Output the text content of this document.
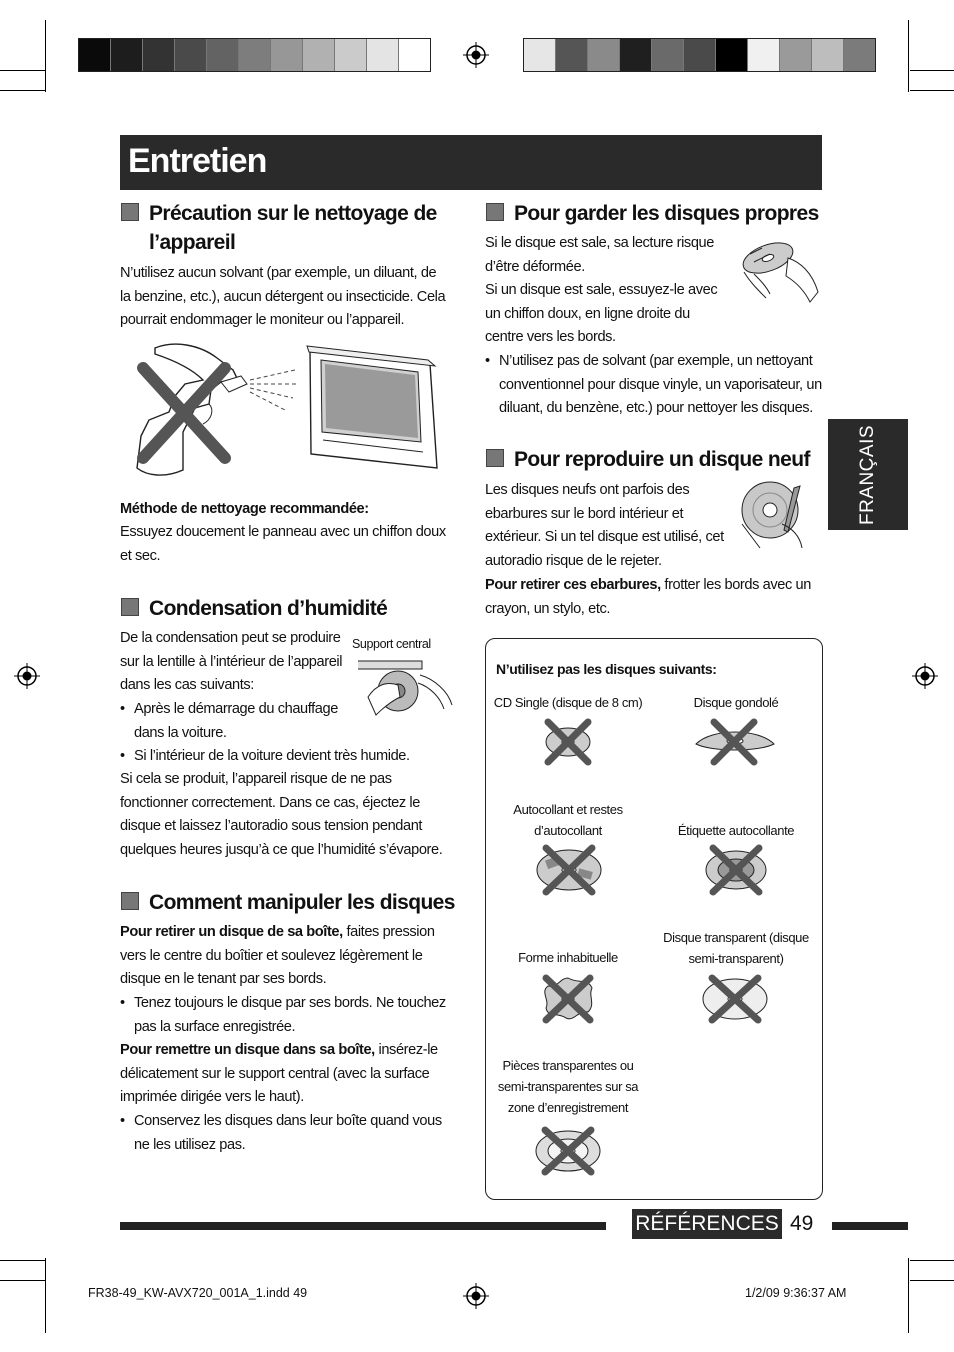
Entretien
FRANÇAIS
Précaution sur le nettoyage de
l’appareil
N’utilisez aucun solvant (par exemple, un diluant, de la benzine, etc.), aucun détergent ou insecticide. Cela pourrait endommager le moniteur ou l’appareil.
Méthode de nettoyage recommandée:
Essuyez doucement le panneau avec un chiffon doux et sec.
Condensation d’humidité
De la condensation peut se produire sur la lentille à l’intérieur de l’appareil dans les cas suivants:
Support central
• Après le démarrage du chauffage dans la voiture.
• Si l’intérieur de la voiture devient très humide.
Si cela se produit, l’appareil risque de ne pas fonctionner correctement. Dans ce cas, éjectez le disque et laissez l’autoradio sous tension pendant quelques heures jusqu’à ce que l’humidité s’évapore.
Comment manipuler les disques
Pour retirer un disque de sa boîte, faites pression vers le centre du boîtier et soulevez légèrement le disque en le tenant par ses bords.
• Tenez toujours le disque par ses bords. Ne touchez pas la surface enregistrée.
Pour remettre un disque dans sa boîte, insérez-le délicatement sur le support central (avec la surface imprimée dirigée vers le haut).
• Conservez les disques dans leur boîte quand vous ne les utilisez pas.
Pour garder les disques propres
Si le disque est sale, sa lecture risque d’être déformée.
Si un disque est sale, essuyez-le avec un chiffon doux, en ligne droite du centre vers les bords.
• N’utilisez pas de solvant (par exemple, un nettoyant conventionnel pour disque vinyle, un vaporisateur, un diluant, du benzène, etc.) pour nettoyer les disques.
Pour reproduire un disque neuf
Les disques neufs ont parfois des ebarbures sur le bord intérieur et extérieur. Si un tel disque est utilisé, cet autoradio risque de le rejeter.
Pour retirer ces ebarbures, frotter les bords avec un crayon, un stylo, etc.
N’utilisez pas les disques suivants:
CD Single (disque de 8 cm)	Disque gondolé
Autocollant et restes d’autocollant	Étiquette autocollante
Forme inhabituelle
Disque transparent (disque semi-transparent)
Pièces transparentes ou semi-transparentes sur sa zone d’enregistrement
RÉFÉRENCES 49
FR38-49_KW-AVX720_001A_1.indd 49	1/2/09 9:36:37 AM
